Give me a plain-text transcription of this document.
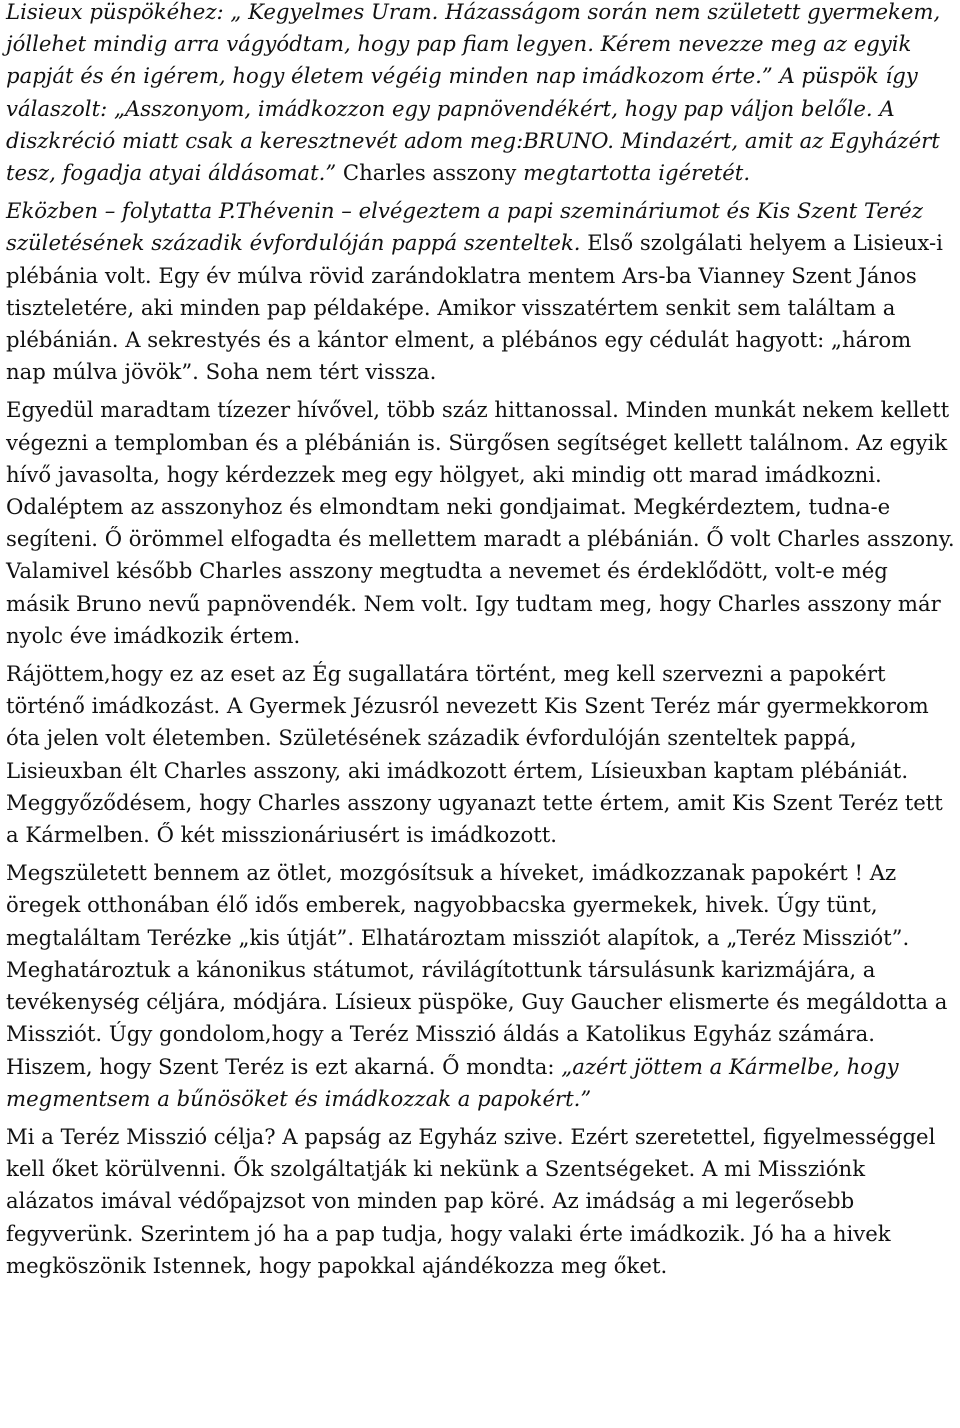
Lisieux püspökéhez: „ Kegyelmes Uram. Házasságom során nem született gyermekem, jóllehet mindig arra vágyódtam, hogy pap fiam legyen. Kérem nevezze meg az egyik papját és én igérem, hogy életem végéig minden nap imádkozom érte.” A püspök így válaszolt: „Asszonyom, imádkozzon egy papnövendékért, hogy pap váljon belőle. A diszkréció miatt csak a keresztnevét adom meg:BRUNO. Mindazért, amit az Egyházért tesz, fogadja atyai áldásomat.” Charles asszony megtartotta igéretét.

Eközben – folytatta P.Thévenin – elvégeztem a papi szemináriumot és Kis Szent Teréz születésének századik évfordulóján pappá szenteltek. Első szolgálati helyem a Lisieux-i plébánia volt. Egy év múlva rövid zarándoklatra mentem Ars-ba Vianney Szent János tiszteletére, aki minden pap példaképe. Amikor visszatértem senkit sem találtam a plébánián. A sekrestyés és a kántor elment, a plébános egy cédulát hagyott: „három nap múlva jövök”. Soha nem tért vissza.

Egyedül maradtam tízezer hívővel, több száz hittanossal. Minden munkát nekem kellett végezni a templomban és a plébánián is. Sürgősen segítséget kellett találnom. Az egyik hívő javasolta, hogy kérdezzek meg egy hölgyet, aki mindig ott marad imádkozni. Odaléptem az asszonyhoz és elmondtam neki gondjaimat. Megkérdeztem, tudna-e segíteni. Ő örömmel elfogadta és mellettem maradt a plébánián. Ő volt Charles asszony. Valamivel később Charles asszony megtudta a nevemet és érdeklődött, volt-e még másik Bruno nevű papnövendék. Nem volt. Igy tudtam meg, hogy Charles asszony már nyolc éve imádkozik értem.

Rájöttem,hogy ez az eset az Ég sugallatára történt, meg kell szervezni a papokért történő imádkozást. A Gyermek Jézusról nevezett Kis Szent Teréz már gyermekkorom óta jelen volt életemben. Születésének századik évfordulóján szenteltek pappá, Lisieuxban élt Charles asszony, aki imádkozott értem, Lísieuxban kaptam plébániát. Meggyőződésem, hogy Charles asszony ugyanazt tette értem, amit Kis Szent Teréz tett a Kármelben. Ő két misszionáriusért is imádkozott.

Megszületett bennem az ötlet, mozgósítsuk a híveket, imádkozzanak papokért ! Az öregek otthonában élő idős emberek, nagyobbacska gyermekek, hivek. Úgy tünt, megtaláltam Terézke „kis útját”. Elhatároztam missziót alapítok, a „Teréz Missziót”. Meghatároztuk a kánonikus státumot, rávilágítottunk társulásunk karizmájára, a tevékenység céljára, módjára. Lísieux püspöke, Guy Gaucher elismerte és megáldotta a Missziót. Úgy gondolom,hogy a Teréz Misszió áldás a Katolikus Egyház számára. Hiszem, hogy Szent Teréz is ezt akarná. Ő mondta: „azért jöttem a Kármelbe, hogy megmentsem a bűnösöket és imádkozzak a papokért.”

Mi a Teréz Misszió célja? A papság az Egyház szive. Ezért szeretettel, figyelmességgel kell őket körülvenni. Ők szolgáltatják ki nekünk a Szentségeket. A mi Missziónk alázatos imával védőpajzsot von minden pap köré. Az imádság a mi legerősebb fegyverünk. Szerintem jó ha a pap tudja, hogy valaki érte imádkozik. Jó ha a hivek megköszönik Istennek, hogy papokkal ajándékozza meg őket.
